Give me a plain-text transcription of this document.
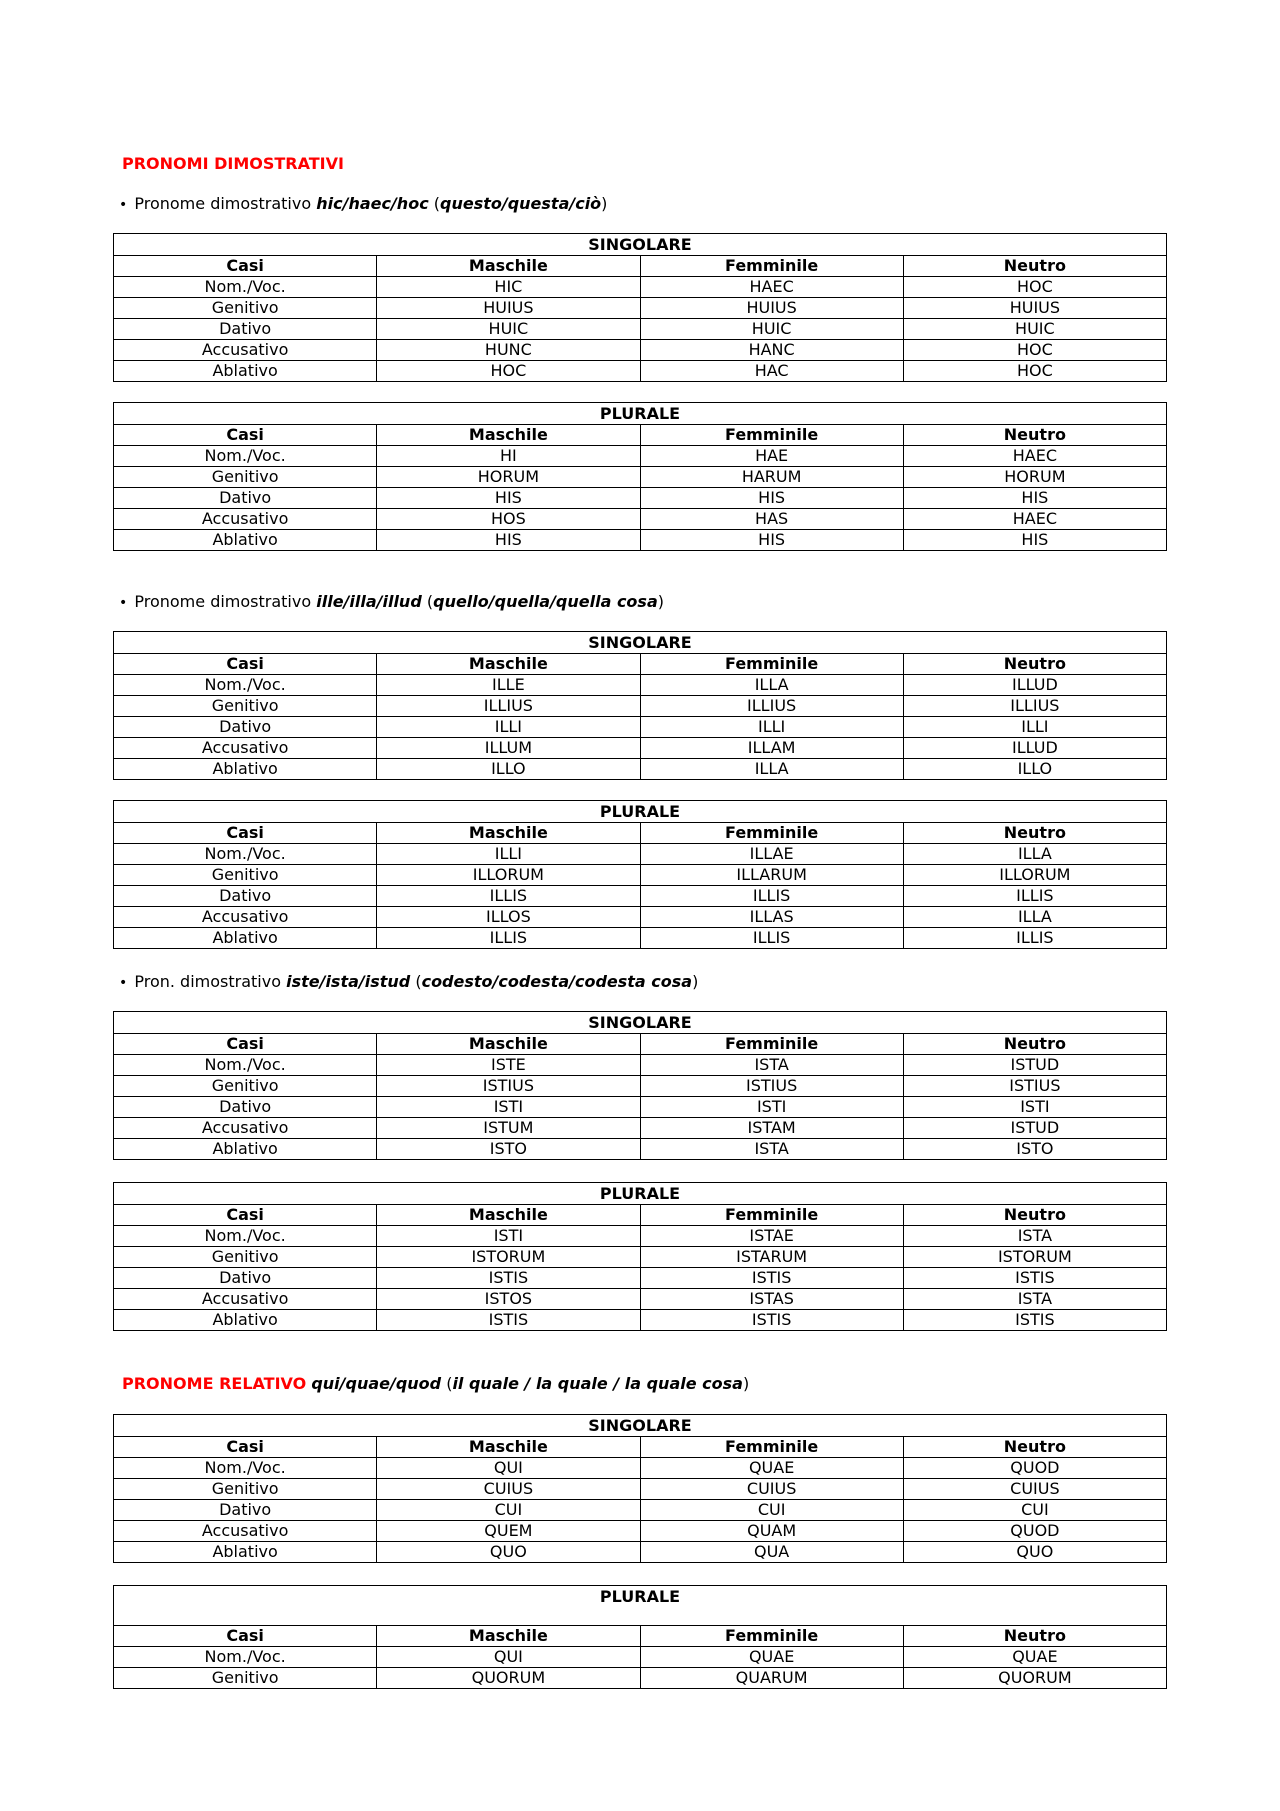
PRONOMI DIMOSTRATIVI
• Pronome dimostrativo hic/haec/hoc (questo/questa/ciò)
SINGOLARE			
Casi	Maschile	Femminile	Neutro
Nom./Voc.	HIC	HAEC	HOC
Genitivo	HUIUS	HUIUS	HUIUS
Dativo	HUIC	HUIC	HUIC
Accusativo	HUNC	HANC	HOC
Ablativo	HOC	HAC	HOC
PLURALE			
Casi	Maschile	Femminile	Neutro
Nom./Voc.	HI	HAE	HAEC
Genitivo	HORUM	HARUM	HORUM
Dativo	HIS	HIS	HIS
Accusativo	HOS	HAS	HAEC
Ablativo	HIS	HIS	HIS
• Pronome dimostrativo ille/illa/illud (quello/quella/quella cosa)
SINGOLARE			
Casi	Maschile	Femminile	Neutro
Nom./Voc.	ILLE	ILLA	ILLUD
Genitivo	ILLIUS	ILLIUS	ILLIUS
Dativo	ILLI	ILLI	ILLI
Accusativo	ILLUM	ILLAM	ILLUD
Ablativo	ILLO	ILLA	ILLO
PLURALE			
Casi	Maschile	Femminile	Neutro
Nom./Voc.	ILLI	ILLAE	ILLA
Genitivo	ILLORUM	ILLARUM	ILLORUM
Dativo	ILLIS	ILLIS	ILLIS
Accusativo	ILLOS	ILLAS	ILLA
Ablativo	ILLIS	ILLIS	ILLIS
• Pron. dimostrativo iste/ista/istud (codesto/codesta/codesta cosa)
SINGOLARE			
Casi	Maschile	Femminile	Neutro
Nom./Voc.	ISTE	ISTA	ISTUD
Genitivo	ISTIUS	ISTIUS	ISTIUS
Dativo	ISTI	ISTI	ISTI
Accusativo	ISTUM	ISTAM	ISTUD
Ablativo	ISTO	ISTA	ISTO
PLURALE			
Casi	Maschile	Femminile	Neutro
Nom./Voc.	ISTI	ISTAE	ISTA
Genitivo	ISTORUM	ISTARUM	ISTORUM
Dativo	ISTIS	ISTIS	ISTIS
Accusativo	ISTOS	ISTAS	ISTA
Ablativo	ISTIS	ISTIS	ISTIS
PRONOME RELATIVO qui/quae/quod (il quale / la quale / la quale cosa)
SINGOLARE			
Casi	Maschile	Femminile	Neutro
Nom./Voc.	QUI	QUAE	QUOD
Genitivo	CUIUS	CUIUS	CUIUS
Dativo	CUI	CUI	CUI
Accusativo	QUEM	QUAM	QUOD
Ablativo	QUO	QUA	QUO
PLURALE			
Casi	Maschile	Femminile	Neutro
Nom./Voc.	QUI	QUAE	QUAE
Genitivo	QUORUM	QUARUM	QUORUM
